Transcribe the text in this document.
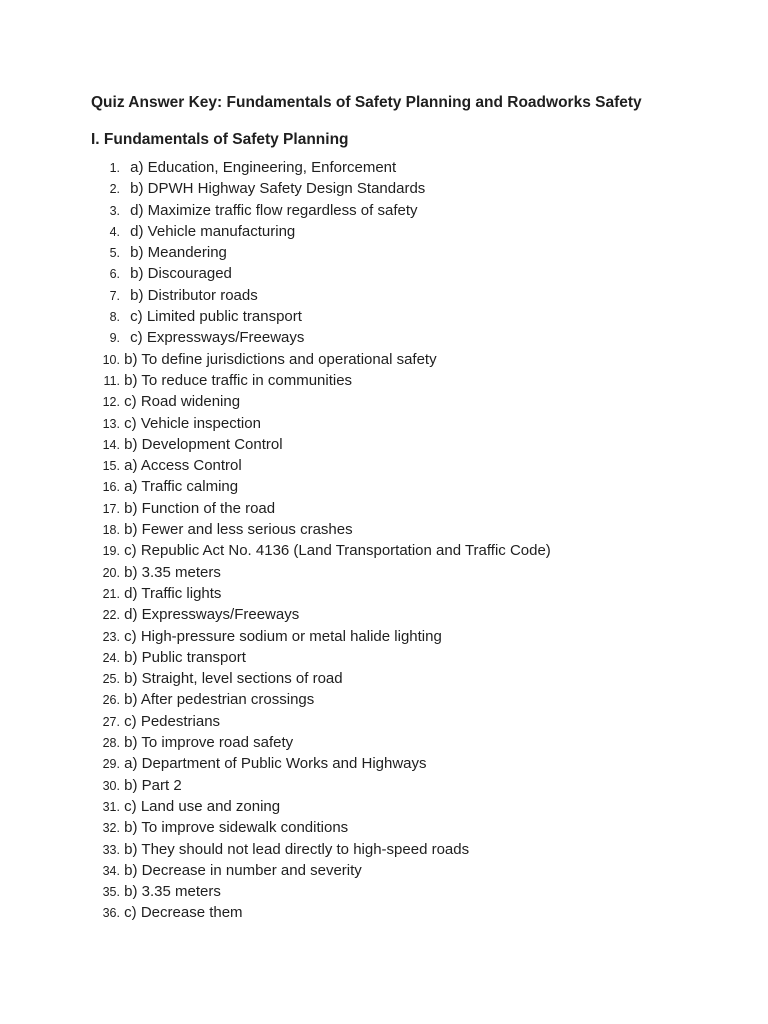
Quiz Answer Key: Fundamentals of Safety Planning and Roadworks Safety
I. Fundamentals of Safety Planning
1.
a) Education, Engineering, Enforcement
2.
b) DPWH Highway Safety Design Standards
3.
d) Maximize traffic flow regardless of safety
4.
d) Vehicle manufacturing
5.
b) Meandering
6.
b) Discouraged
7.
b) Distributor roads
8.
c) Limited public transport
9.
c) Expressways/Freeways
10.
b) To define jurisdictions and operational safety
11.
b) To reduce traffic in communities
12.
c) Road widening
13.
c) Vehicle inspection
14.
b) Development Control
15.
a) Access Control
16.
a) Traffic calming
17.
b) Function of the road
18.
b) Fewer and less serious crashes
19.
c) Republic Act No. 4136 (Land Transportation and Traffic Code)
20.
b) 3.35 meters
21.
d) Traffic lights
22.
d) Expressways/Freeways
23.
c) High-pressure sodium or metal halide lighting
24.
b) Public transport
25.
b) Straight, level sections of road
26.
b) After pedestrian crossings
27.
c) Pedestrians
28.
b) To improve road safety
29.
a) Department of Public Works and Highways
30.
b) Part 2
31.
c) Land use and zoning
32.
b) To improve sidewalk conditions
33.
b) They should not lead directly to high-speed roads
34.
b) Decrease in number and severity
35.
b) 3.35 meters
36.
c) Decrease them
